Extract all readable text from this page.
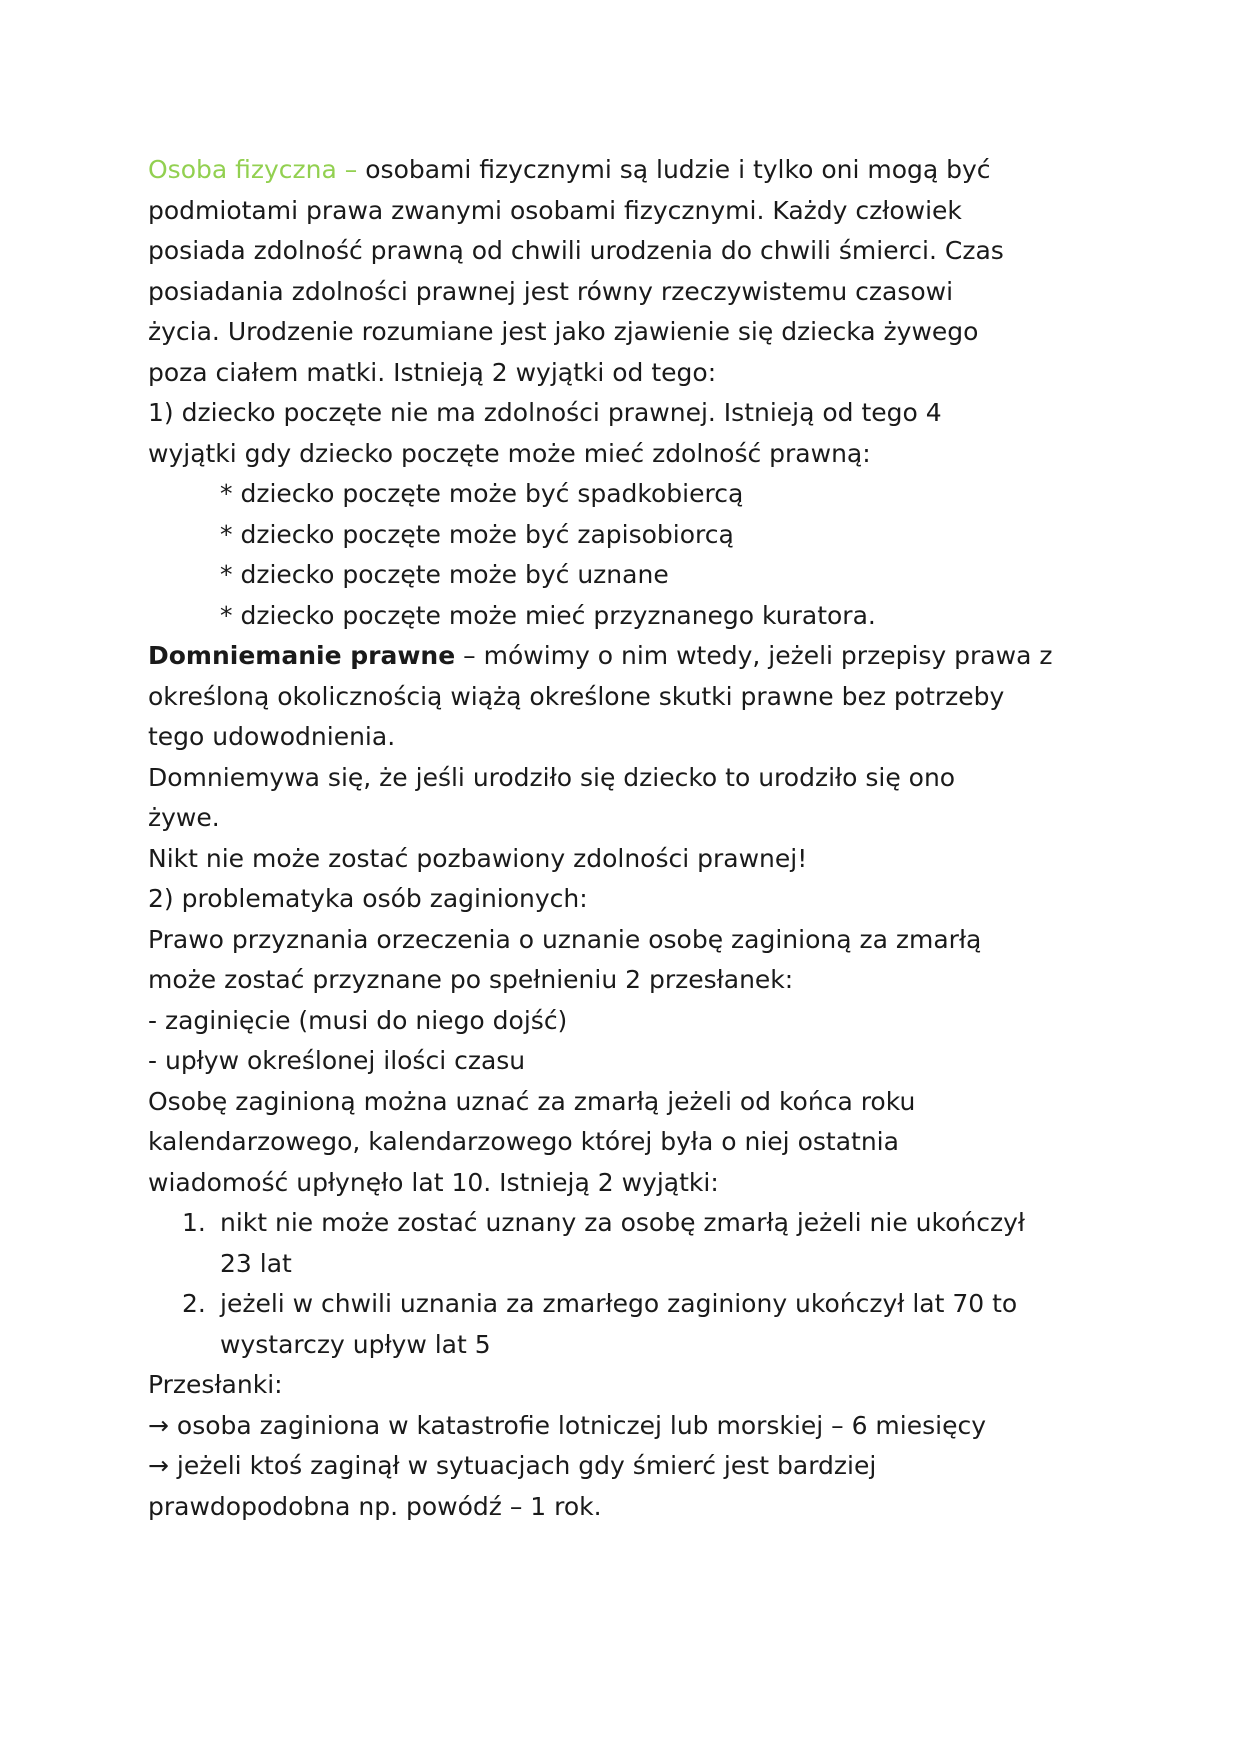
Osoba fizyczna – osobami fizycznymi są ludzie i tylko oni mogą być
podmiotami prawa zwanymi osobami fizycznymi. Każdy człowiek
posiada zdolność prawną od chwili urodzenia do chwili śmierci. Czas
posiadania zdolności prawnej jest równy rzeczywistemu czasowi
życia. Urodzenie rozumiane jest jako zjawienie się dziecka żywego
poza ciałem matki. Istnieją 2 wyjątki od tego:
1) dziecko poczęte nie ma zdolności prawnej. Istnieją od tego 4
wyjątki gdy dziecko poczęte może mieć zdolność prawną:
* dziecko poczęte może być spadkobiercą
* dziecko poczęte może być zapisobiorcą
* dziecko poczęte może być uznane
* dziecko poczęte może mieć przyznanego kuratora.
Domniemanie prawne – mówimy o nim wtedy, jeżeli przepisy prawa z
określoną okolicznością wiążą określone skutki prawne bez potrzeby
tego udowodnienia.
Domniemywa się, że jeśli urodziło się dziecko to urodziło się ono
żywe.
Nikt nie może zostać pozbawiony zdolności prawnej!
2) problematyka osób zaginionych:
Prawo przyznania orzeczenia o uznanie osobę zaginioną za zmarłą
może zostać przyznane po spełnieniu 2 przesłanek:
- zaginięcie (musi do niego dojść)
- upływ określonej ilości czasu
Osobę zaginioną można uznać za zmarłą jeżeli od końca roku
kalendarzowego, kalendarzowego której była o niej ostatnia
wiadomość upłynęło lat 10. Istnieją 2 wyjątki:
1. nikt nie może zostać uznany za osobę zmarłą jeżeli nie ukończył
23 lat
2. jeżeli w chwili uznania za zmarłego zaginiony ukończył lat 70 to
wystarczy upływ lat 5
Przesłanki:
→ osoba zaginiona w katastrofie lotniczej lub morskiej – 6 miesięcy
→ jeżeli ktoś zaginął w sytuacjach gdy śmierć jest bardziej
prawdopodobna np. powódź – 1 rok.
